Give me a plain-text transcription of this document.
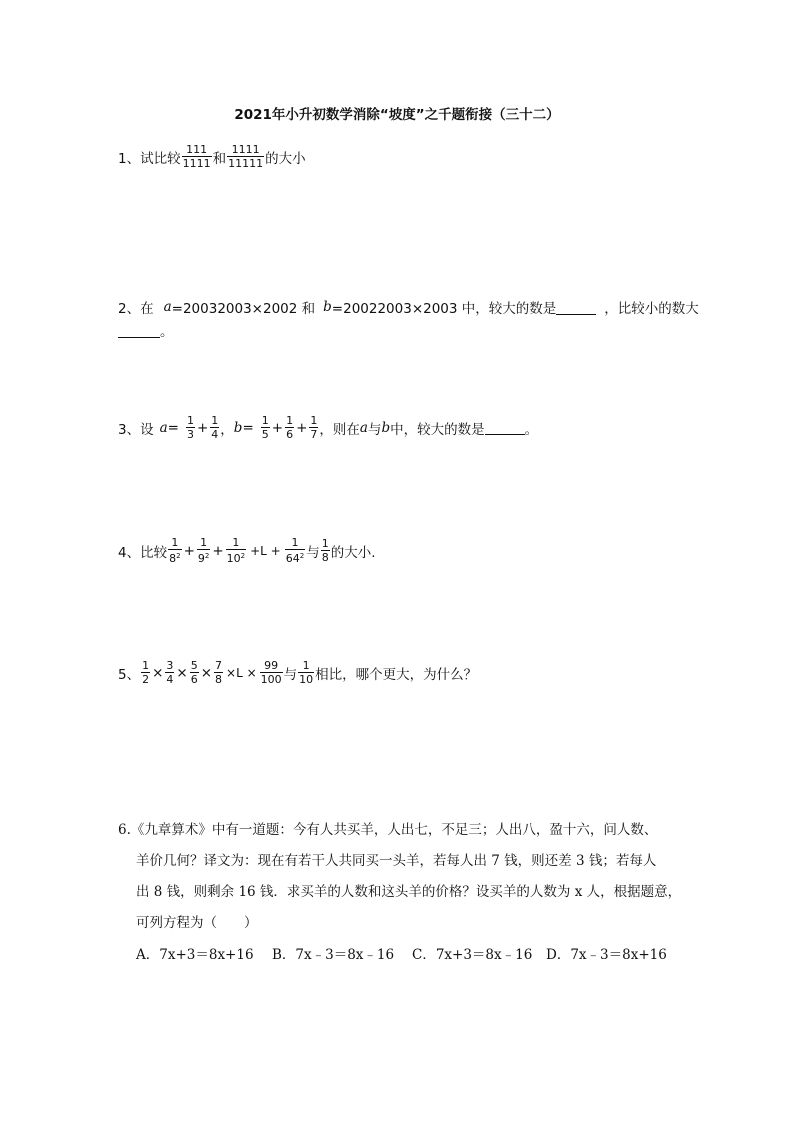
2021年小升初数学消除“坡度”之千题衔接（三十二）
1、试比较 $\frac{111}{1111}$ 和 $\frac{1111}{11111}$ 的大小
2、在 a =20032003×2002 和 b =20022003×2003 中，较大的数是	，比较小的数大
。
3、设 $a = \frac{1}{3} + \frac{1}{4}$ ， $b = \frac{1}{5} + \frac{1}{6} + \frac{1}{7}$ ，则在 a 与 b 中，较大的数是	。
4、比较 $\frac{1}{8^2} + \frac{1}{9^2} + \frac{1}{10^2} +L + \frac{1}{64^2}$ 与 $\frac{1}{8}$ 的大小.
5、 $\frac{1}{2} \times \frac{3}{4} \times \frac{5}{6} \times \frac{7}{8} \times L \times \frac{99}{100}$ 与 $\frac{1}{10}$ 相比，哪个更大，为什么？
6.《九章算术》中有一道题：今有人共买羊，人出七，不足三；人出八，盈十六，问人数、
羊价几何？译文为：现在有若干人共同买一头羊，若每人出 7 钱，则还差 3 钱；若每人
出 8 钱，则剩余 16 钱．求买羊的人数和这头羊的价格？设买羊的人数为 x 人，根据题意，
可列方程为（　　）
A．7x+3＝8x+16 B．7x﹣3＝8x﹣16 C．7x+3＝8x﹣16 D．7x﹣3＝8x+16
